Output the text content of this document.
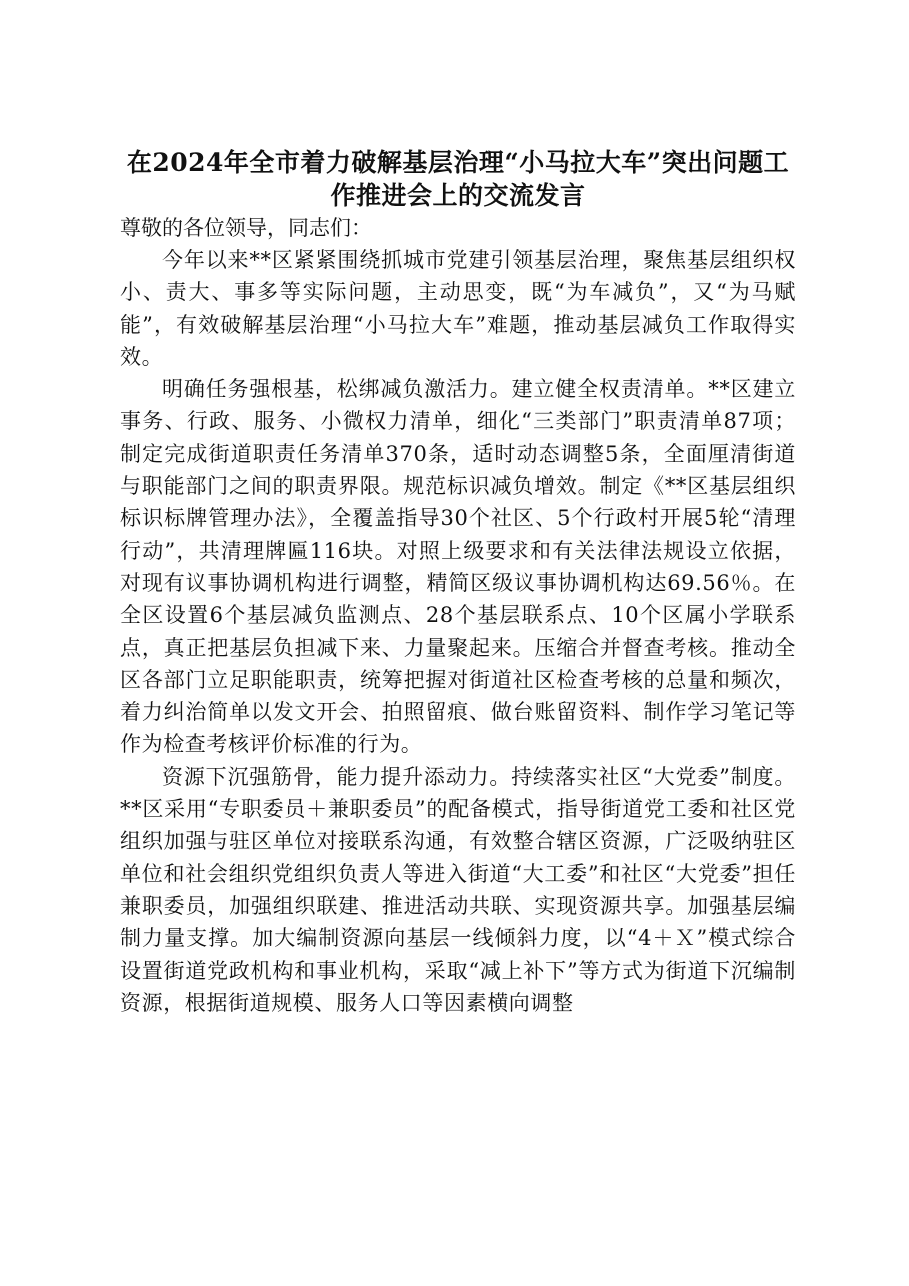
在2024年全市着力破解基层治理“小马拉大车”突出问题工作推进会上的交流发言

尊敬的各位领导，同志们：

今年以来**区紧紧围绕抓城市党建引领基层治理，聚焦基层组织权小、责大、事多等实际问题，主动思变，既“为车减负”，又“为马赋能”，有效破解基层治理“小马拉大车”难题，推动基层减负工作取得实效。

明确任务强根基，松绑减负激活力。建立健全权责清单。**区建立事务、行政、服务、小微权力清单，细化“三类部门”职责清单87项；制定完成街道职责任务清单370条，适时动态调整5条，全面厘清街道与职能部门之间的职责界限。规范标识减负增效。制定《**区基层组织标识标牌管理办法》，全覆盖指导30个社区、5个行政村开展5轮“清理行动”，共清理牌匾116块。对照上级要求和有关法律法规设立依据，对现有议事协调机构进行调整，精简区级议事协调机构达69.56％。在全区设置6个基层减负监测点、28个基层联系点、10个区属小学联系点，真正把基层负担减下来、力量聚起来。压缩合并督查考核。推动全区各部门立足职能职责，统筹把握对街道社区检查考核的总量和频次，着力纠治简单以发文开会、拍照留痕、做台账留资料、制作学习笔记等作为检查考核评价标准的行为。

资源下沉强筋骨，能力提升添动力。持续落实社区“大党委”制度。**区采用“专职委员＋兼职委员”的配备模式，指导街道党工委和社区党组织加强与驻区单位对接联系沟通，有效整合辖区资源，广泛吸纳驻区单位和社会组织党组织负责人等进入街道“大工委”和社区“大党委”担任兼职委员，加强组织联建、推进活动共联、实现资源共享。加强基层编制力量支撑。加大编制资源向基层一线倾斜力度，以“4＋Ｘ”模式综合设置街道党政机构和事业机构，采取“减上补下”等方式为街道下沉编制资源，根据街道规模、服务人口等因素横向调整
